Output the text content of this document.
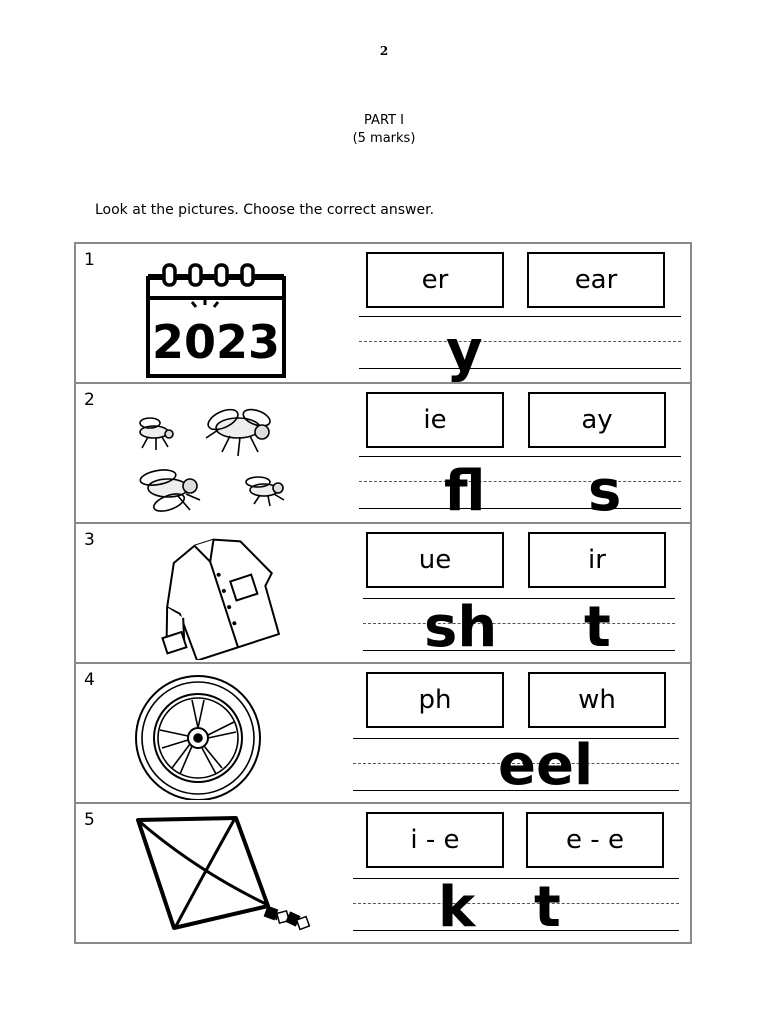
2
PART I
(5 marks)
Look at the pictures. Choose the correct answer.
1
2023
er	ear
y
2
ie	ay
fl s
3
ue	ir
sh t
4
ph	wh
eel
5
i - e	e - e
k t
